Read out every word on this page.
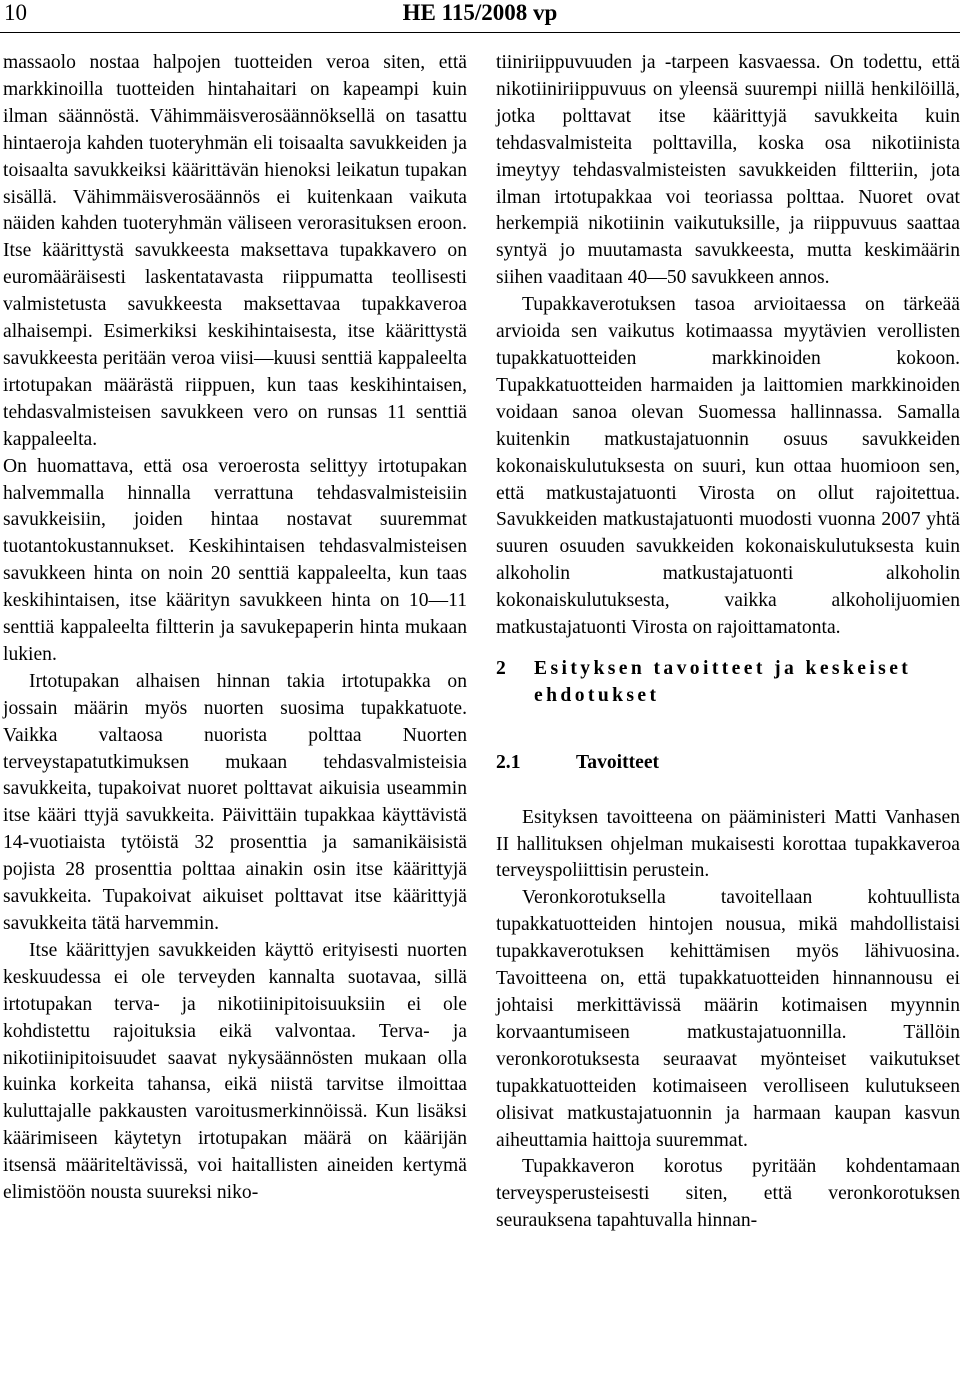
10	HE 115/2008 vp

massaolo nostaa halpojen tuotteiden veroa siten, että markkinoilla tuotteiden hintahaitari on kapeampi kuin ilman säännöstä. Vähimmäisverosäännöksellä on tasattu hintaeroja kahden tuoteryhmän eli toisaalta savukkeiden ja toisaalta savukkeiksi käärittävän hienoksi leikatun tupakan sisällä. Vähimmäisverosäännös ei kuitenkaan vaikuta näiden kahden tuoteryhmän väliseen verorasituksen eroon. Itse käärittystä savukkeesta maksettava tupakkavero on euromääräisesti laskentatavasta riippumatta teollisesti valmistetusta savukkeesta maksettavaa tupakkaveroa alhaisempi. Esimerkiksi keskihintaisesta, itse käärittystä savukkeesta peritään veroa viisi—kuusi senttiä kappaleelta irtotupakan määrästä riippuen, kun taas keskihintaisen, tehdasvalmisteisen savukkeen vero on runsas 11 senttiä kappaleelta.

On huomattava, että osa veroerosta selittyy irtotupakan halvemmalla hinnalla verrattuna tehdasvalmisteisiin savukkeisiin, joiden hintaa nostavat suuremmat tuotantokustannukset. Keskihintaisen tehdasvalmisteisen savukkeen hinta on noin 20 senttiä kappaleelta, kun taas keskihintaisen, itse käärityn savukkeen hinta on 10—11 senttiä kappaleelta filtterin ja savukepaperin hinta mukaan lukien.

Irtotupakan alhaisen hinnan takia irtotupakka on jossain määrin myös nuorten suosima tupakkatuote. Vaikka valtaosa nuorista polttaa Nuorten terveystapatutkimuksen mukaan tehdasvalmisteisia savukkeita, tupakoivat nuoret polttavat aikuisia useammin itse kääri ttyjä savukkeita. Päivittäin tupakkaa käyttävistä 14-vuotiaista tytöistä 32 prosenttia ja samanikäisistä pojista 28 prosenttia polttaa ainakin osin itse käärittyjä savukkeita. Tupakoivat aikuiset polttavat itse käärittyjä savukkeita tätä harvemmin.

Itse käärittyjen savukkeiden käyttö erityisesti nuorten keskuudessa ei ole terveyden kannalta suotavaa, sillä irtotupakan terva- ja nikotiinipitoisuuksiin ei ole kohdistettu rajoituksia eikä valvontaa. Terva- ja nikotiinipitoisuudet saavat nykysäännösten mukaan olla kuinka korkeita tahansa, eikä niistä tarvitse ilmoittaa kuluttajalle pakkausten varoitusmerkinnöissä. Kun lisäksi käärimiseen käytetyn irtotupakan määrä on käärijän itsensä määriteltävissä, voi haitallisten aineiden kertymä elimistöön nousta suureksi niko-

tiiniriippuvuuden ja -tarpeen kasvaessa. On todettu, että nikotiiniriippuvuus on yleensä suurempi niillä henkilöillä, jotka polttavat itse käärittyjä savukkeita kuin tehdasvalmisteita polttavilla, koska osa nikotiinista imeytyy tehdasvalmisteisten savukkeiden filtteriin, jota ilman irtotupakkaa voi teoriassa polttaa. Nuoret ovat herkempiä nikotiinin vaikutuksille, ja riippuvuus saattaa syntyä jo muutamasta savukkeesta, mutta keskimäärin siihen vaaditaan 40—50 savukkeen annos.

Tupakkaverotuksen tasoa arvioitaessa on tärkeää arvioida sen vaikutus kotimaassa myytävien verollisten tupakkatuotteiden markkinoiden kokoon. Tupakkatuotteiden harmaiden ja laittomien markkinoiden voidaan sanoa olevan Suomessa hallinnassa. Samalla kuitenkin matkustajatuonnin osuus savukkeiden kokonaiskulutuksesta on suuri, kun ottaa huomioon sen, että matkustajatuonti Virosta on ollut rajoitettua. Savukkeiden matkustajatuonti muodosti vuonna 2007 yhtä suuren osuuden savukkeiden kokonaiskulutuksesta kuin alkoholin matkustajatuonti alkoholin kokonaiskulutuksesta, vaikka alkoholijuomien matkustajatuonti Virosta on rajoittamatonta.

2	Esityksen tavoitteet ja keskeiset ehdotukset
2.1	Tavoitteet

Esityksen tavoitteena on pääministeri Matti Vanhasen II hallituksen ohjelman mukaisesti korottaa tupakkaveroa terveyspoliittisin perustein.

Veronkorotuksella tavoitellaan kohtuullista tupakkatuotteiden hintojen nousua, mikä mahdollistaisi tupakkaverotuksen kehittämisen myös lähivuosina. Tavoitteena on, että tupakkatuotteiden hinnannousu ei johtaisi merkittävissä määrin kotimaisen myynnin korvaantumiseen matkustajatuonnilla. Tällöin veronkorotuksesta seuraavat myönteiset vaikutukset tupakkatuotteiden kotimaiseen verolliseen kulutukseen olisivat matkustajatuonnin ja harmaan kaupan kasvun aiheuttamia haittoja suuremmat.

Tupakkaveron korotus pyritään kohdentamaan terveysperusteisesti siten, että veronkorotuksen seurauksena tapahtuvalla hinnan-
